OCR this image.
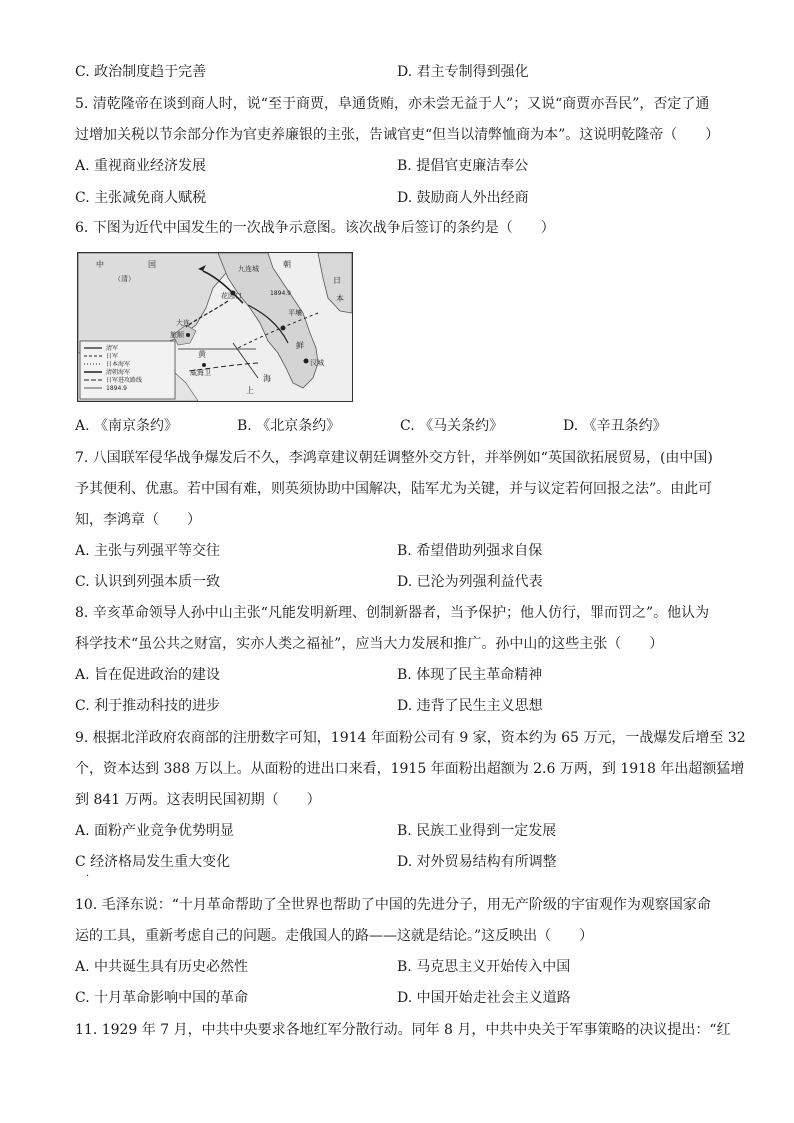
C. 政治制度趋于完善	D. 君主专制得到强化
5. 清乾隆帝在谈到商人时，说“至于商贾，阜通货贿，亦未尝无益于人”；又说“商贾亦吾民”，否定了通
过增加关税以节余部分作为官吏养廉银的主张，告诫官吏“但当以清弊恤商为本”。这说明乾隆帝（　　）
A. 重视商业经济发展	B. 提倡官吏廉洁奉公
C. 主张减免商人赋税	D. 鼓励商人外出经商
6. 下图为近代中国发生的一次战争示意图。该次战争后签订的条约是（　　）
中	国
（清）
九连城	朝
花园口
鲜
大连
旅顺
黄
海
威海卫
上
平壤
汉城
日
本
1894.9
清军
日军
日本海军
清朝海军
日军进攻路线
1894.9
A. 《南京条约》	B. 《北京条约》	C. 《马关条约》	D. 《辛丑条约》
7. 八国联军侵华战争爆发后不久，李鸿章建议朝廷调整外交方针，并举例如“英国欲拓展贸易，(由中国)
予其便利、优惠。若中国有难，则英须协助中国解决，陆军尤为关键，并与议定若何回报之法”。由此可
知，李鸿章（　　）
A. 主张与列强平等交往	B. 希望借助列强求自保
C. 认识到列强本质一致	D. 已沦为列强利益代表
8. 辛亥革命领导人孙中山主张“凡能发明新理、创制新器者，当予保护；他人仿行，罪而罚之”。他认为
科学技术“虽公共之财富，实亦人类之福祉”，应当大力发展和推广。孙中山的这些主张（　　）
A. 旨在促进政治的建设	B. 体现了民主革命精神
C. 利于推动科技的进步	D. 违背了民生主义思想
9. 根据北洋政府农商部的注册数字可知，1914 年面粉公司有 9 家，资本约为 65 万元，一战爆发后增至 32
个，资本达到 388 万以上。从面粉的进出口来看，1915 年面粉出超额为 2.6 万两，到 1918 年出超额猛增
到 841 万两。这表明民国初期（　　）
A. 面粉产业竞争优势明显	B. 民族工业得到一定发展
C 经济格局发生重大变化	D. 对外贸易结构有所调整
·
10. 毛泽东说：“十月革命帮助了全世界也帮助了中国的先进分子，用无产阶级的宇宙观作为观察国家命
运的工具，重新考虑自己的问题。走俄国人的路——这就是结论。”这反映出（　　）
A. 中共诞生具有历史必然性	B. 马克思主义开始传入中国
C. 十月革命影响中国的革命	D. 中国开始走社会主义道路
11. 1929 年 7 月，中共中央要求各地红军分散行动。同年 8 月，中共中央关于军事策略的决议提出：“红
